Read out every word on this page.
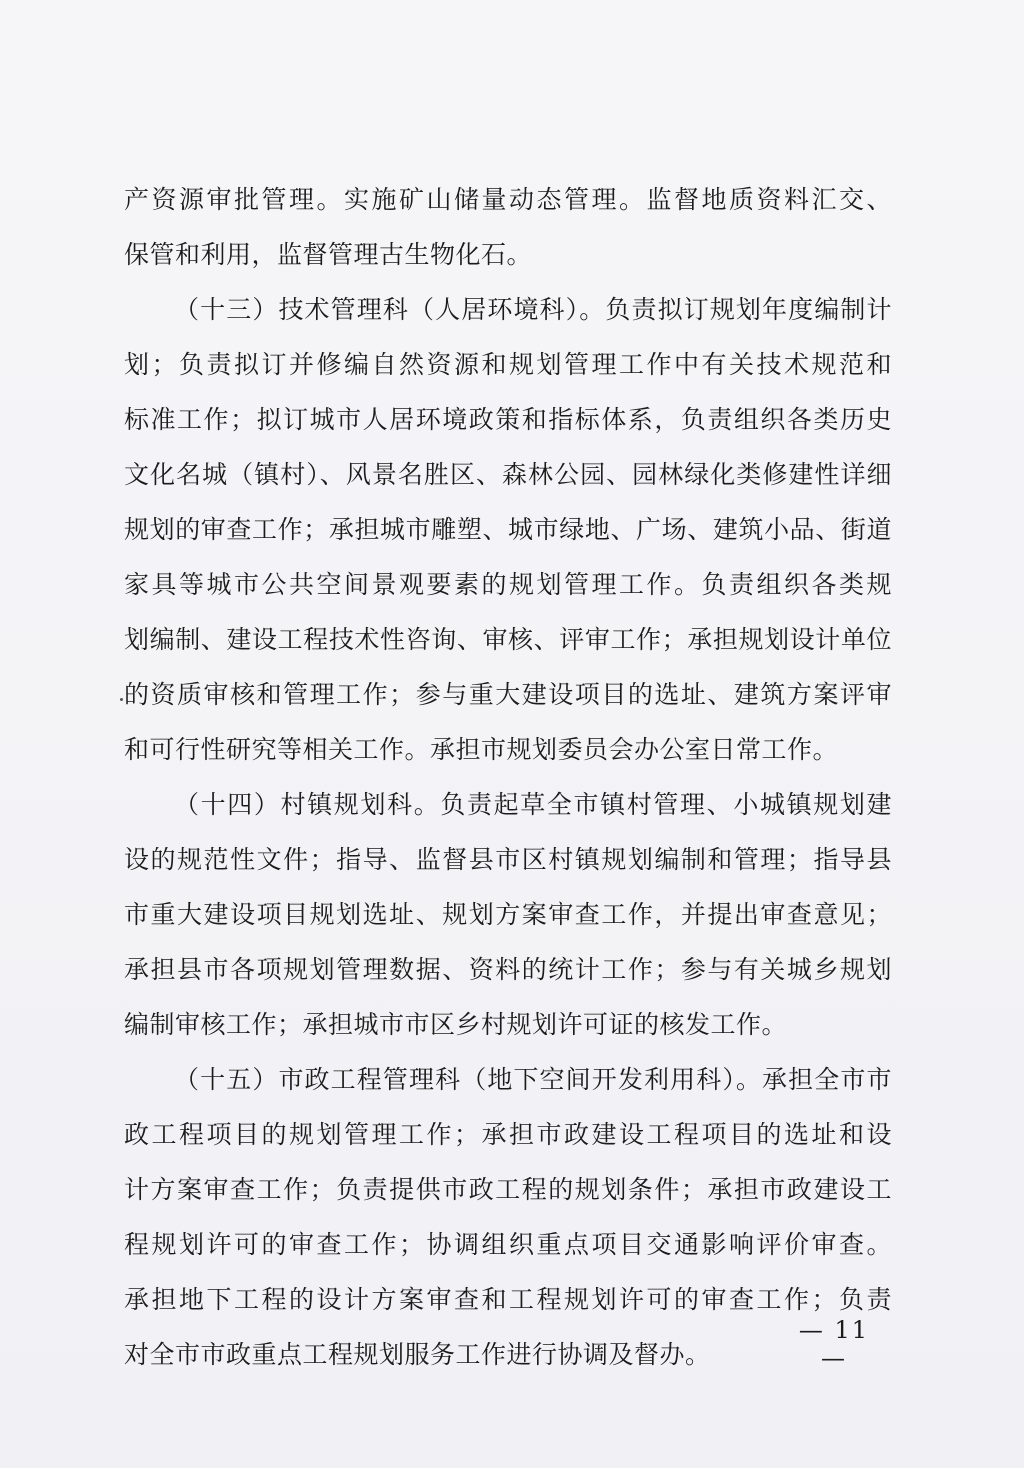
产资源审批管理。实施矿山储量动态管理。监督地质资料汇交、
保管和利用，监督管理古生物化石。
（十三）技术管理科（人居环境科）。负责拟订规划年度编制计
划；负责拟订并修编自然资源和规划管理工作中有关技术规范和
标准工作；拟订城市人居环境政策和指标体系，负责组织各类历史
文化名城（镇村）、风景名胜区、森林公园、园林绿化类修建性详细
规划的审查工作；承担城市雕塑、城市绿地、广场、建筑小品、街道
家具等城市公共空间景观要素的规划管理工作。负责组织各类规
划编制、建设工程技术性咨询、审核、评审工作；承担规划设计单位
的资质审核和管理工作；参与重大建设项目的选址、建筑方案评审
和可行性研究等相关工作。承担市规划委员会办公室日常工作。
（十四）村镇规划科。负责起草全市镇村管理、小城镇规划建
设的规范性文件；指导、监督县市区村镇规划编制和管理；指导县
市重大建设项目规划选址、规划方案审查工作，并提出审查意见；
承担县市各项规划管理数据、资料的统计工作；参与有关城乡规划
编制审核工作；承担城市市区乡村规划许可证的核发工作。
（十五）市政工程管理科（地下空间开发利用科）。承担全市市
政工程项目的规划管理工作；承担市政建设工程项目的选址和设
计方案审查工作；负责提供市政工程的规划条件；承担市政建设工
程规划许可的审查工作；协调组织重点项目交通影响评价审查。
承担地下工程的设计方案审查和工程规划许可的审查工作；负责
对全市市政重点工程规划服务工作进行协调及督办。
— 11 —
